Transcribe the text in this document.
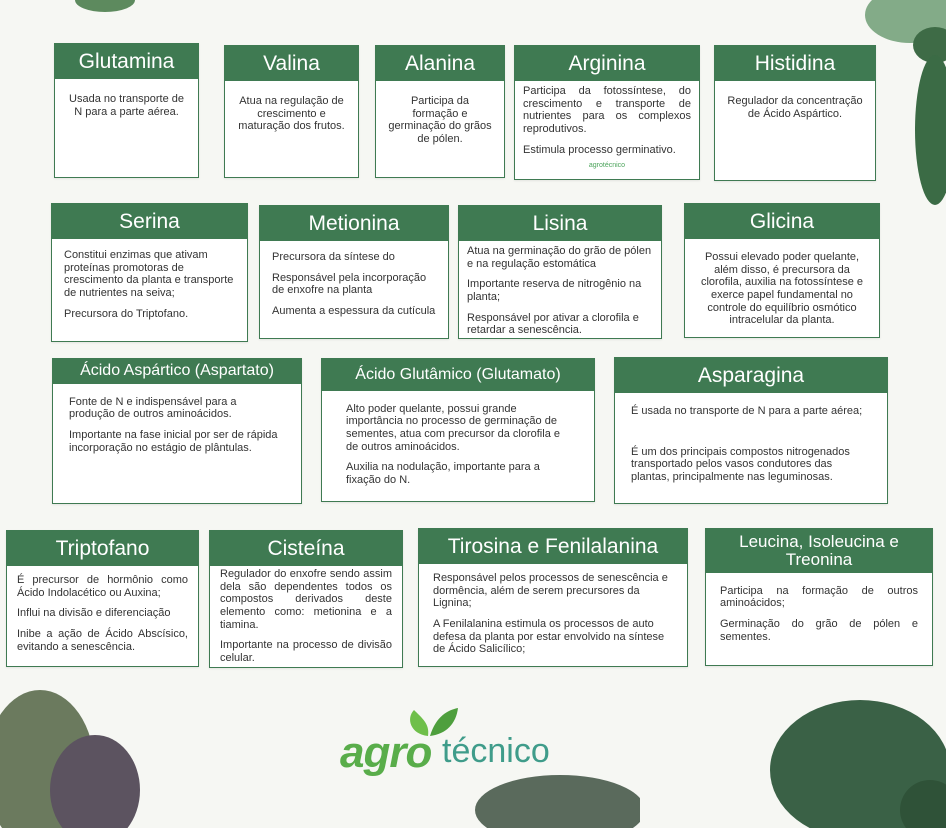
Glutamina

Usada no transporte de N para a parte aérea.

Valina

Atua na regulação de crescimento e maturação dos frutos.

Alanina

Participa da formação e germinação do grãos de pólen.

Arginina

Participa da fotossíntese, do crescimento e transporte de nutrientes para os complexos reprodutivos.

Estimula processo germinativo.

agrotécnico
Histidina

Regulador da concentração de Ácido Aspártico.

Serina

Constitui enzimas que ativam proteínas promotoras de crescimento da planta e transporte de nutrientes na seiva;

Precursora do Triptofano.

Metionina

Precursora da síntese do

Responsável pela incorporação de enxofre na planta

Aumenta a espessura da cutícula

Lisina

Atua na germinação do grão de pólen e na regulação estomática

Importante reserva de nitrogênio na planta;

Responsável por ativar a clorofila e retardar a senescência.

Glicina

Possui elevado poder quelante, além disso, é precursora da clorofila, auxilia na fotossíntese e exerce papel fundamental no controle do equilíbrio osmótico intracelular da planta.

Ácido Aspártico (Aspartato)

Fonte de N e indispensável para a produção de outros aminoácidos.

Importante na fase inicial por ser de rápida incorporação no estágio de plântulas.

Ácido Glutâmico (Glutamato)

Alto poder quelante, possui grande importância no processo de germinação de sementes, atua com precursor da clorofila e de outros aminoácidos.

Auxilia na nodulação, importante para a fixação do N.

Asparagina

É usada no transporte de N para a parte aérea;

É um dos principais compostos nitrogenados transportado pelos vasos condutores das plantas, principalmente nas leguminosas.

Triptofano

É precursor de hormônio como Ácido Indolacético ou Auxina;

Influi na divisão e diferenciação

Inibe a ação de Ácido Abscísico, evitando a senescência.

Cisteína

Regulador do enxofre sendo assim dela são dependentes todos os compostos derivados deste elemento como: metionina e a tiamina.

Importante na processo de divisão celular.

Tirosina e Fenilalanina

Responsável pelos processos de senescência e dormência, além de serem precursores da Lignina;

A Fenilalanina estimula os processos de auto defesa da planta por estar envolvido na síntese de Ácido Salicílico;

Leucina, Isoleucina e Treonina

Participa na formação de outros aminoácidos;

Germinação do grão de pólen e sementes.

agro técnico
